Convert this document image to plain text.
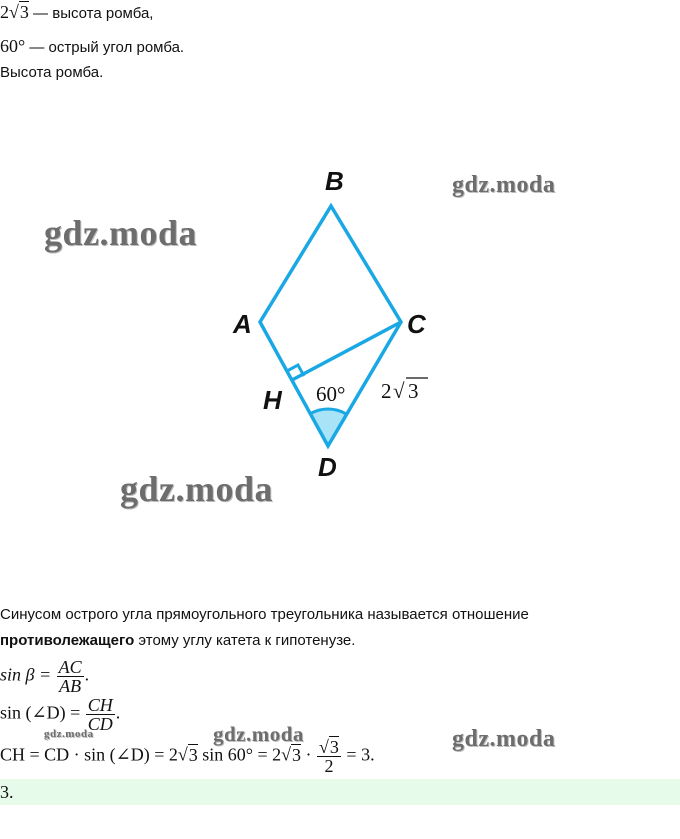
2√3 — высота ромба,
60° — острый угол ромба.
Высота ромба.
B
A	C
H
D
60° 2 √ 3
gdz.moda
gdz.moda
gdz.moda
gdz.moda	gdz.moda
gdz.moda
Синусом острого угла прямоугольного треугольника называется отношение
противолежащего этому углу катета к гипотенузе.
$\sin \beta = \frac{AC}{AB}$ .
sin (∠D) = $\frac{CH}{CD}$ .
CH = CD · sin (∠D) = 2√3 $\sin 60^\circ = 2√3 \cdot \frac{√3}{2} = 3$.
3.
